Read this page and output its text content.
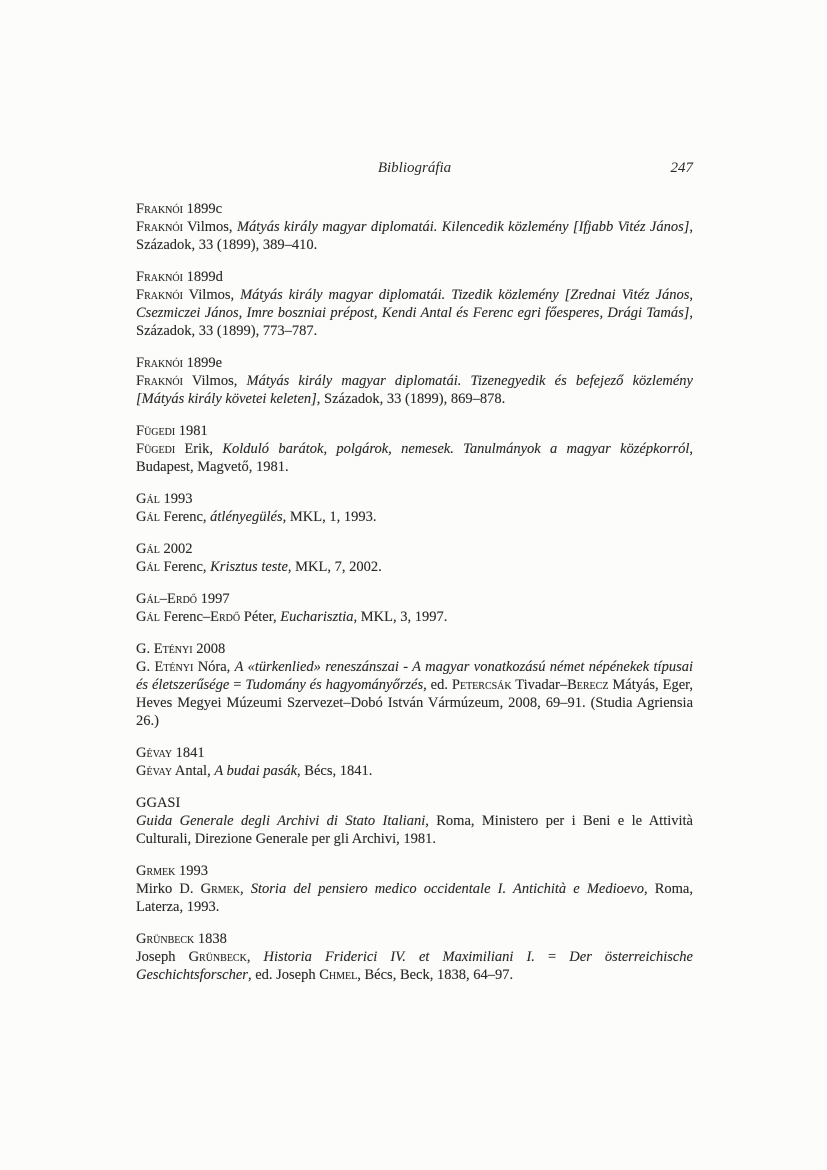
Bibliográfia	247
Fraknói 1899c

Fraknói Vilmos, Mátyás király magyar diplomatái. Kilencedik közlemény [Ifjabb Vitéz János], Századok, 33 (1899), 389–410.

Fraknói 1899d

Fraknói Vilmos, Mátyás király magyar diplomatái. Tizedik közlemény [Zrednai Vitéz János, Csezmiczei János, Imre boszniai prépost, Kendi Antal és Ferenc egri főesperes, Drági Tamás], Századok, 33 (1899), 773–787.

Fraknói 1899e

Fraknói Vilmos, Mátyás király magyar diplomatái. Tizenegyedik és befejező közlemény [Mátyás király követei keleten], Századok, 33 (1899), 869–878.

Fügedi 1981

Fügedi Erik, Kolduló barátok, polgárok, nemesek. Tanulmányok a magyar középkorról, Budapest, Magvető, 1981.

Gál 1993

Gál Ferenc, átlényegülés, MKL, 1, 1993.

Gál 2002

Gál Ferenc, Krisztus teste, MKL, 7, 2002.

Gál–Erdő 1997

Gál Ferenc–Erdő Péter, Eucharisztia, MKL, 3, 1997.

G. Etényi 2008

G. Etényi Nóra, A «türkenlied» reneszánszai - A magyar vonatkozású német népénekek típusai és életszerűsége = Tudomány és hagyományőrzés, ed. Petercsák Tivadar–Berecz Mátyás, Eger, Heves Megyei Múzeumi Szervezet–Dobó István Vármúzeum, 2008, 69–91. (Studia Agriensia 26.)

Gévay 1841

Gévay Antal, A budai pasák, Bécs, 1841.

GGASI

Guida Generale degli Archivi di Stato Italiani, Roma, Ministero per i Beni e le Attività Culturali, Direzione Generale per gli Archivi, 1981.

Grmek 1993

Mirko D. Grmek, Storia del pensiero medico occidentale I. Antichità e Medioevo, Roma, Laterza, 1993.

Grünbeck 1838

Joseph Grünbeck, Historia Friderici IV. et Maximiliani I. = Der österreichische Geschichtsforscher, ed. Joseph Chmel, Bécs, Beck, 1838, 64–97.
